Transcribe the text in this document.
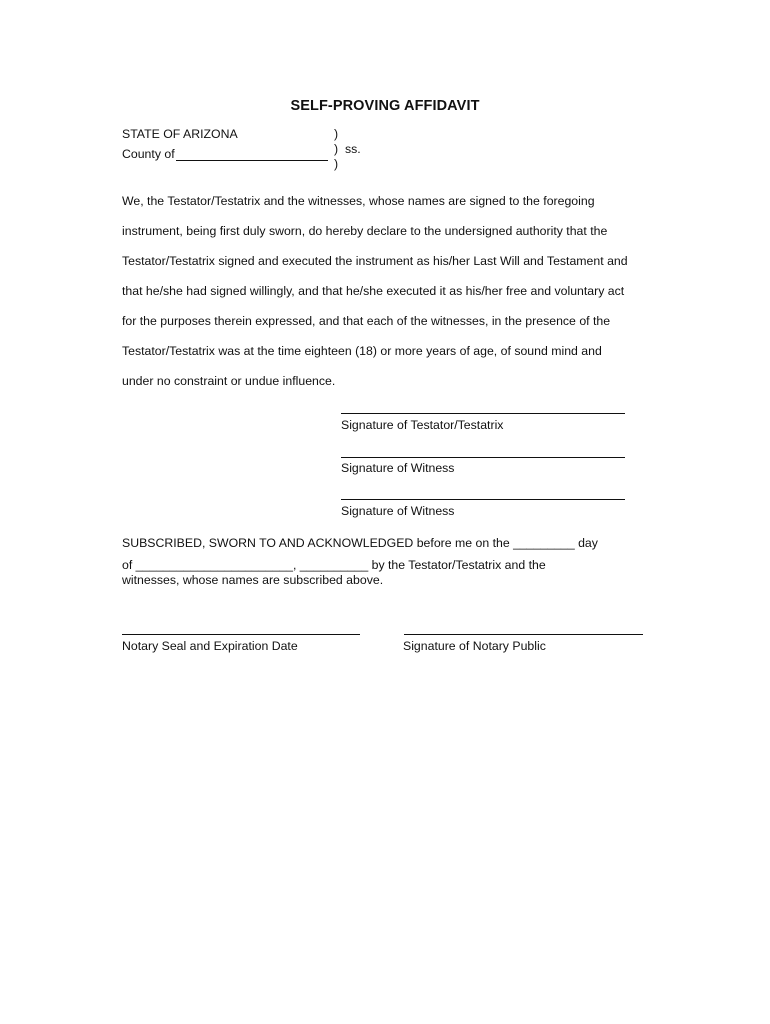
SELF-PROVING AFFIDAVIT
STATE OF ARIZONA
County of
)
) ss.
)
We, the Testator/Testatrix and the witnesses, whose names are signed to the foregoing
instrument, being first duly sworn, do hereby declare to the undersigned authority that the
Testator/Testatrix signed and executed the instrument as his/her Last Will and Testament and
that he/she had signed willingly, and that he/she executed it as his/her free and voluntary act
for the purposes therein expressed, and that each of the witnesses, in the presence of the
Testator/Testatrix was at the time eighteen (18) or more years of age, of sound mind and
under no constraint or undue influence.
Signature of Testator/Testatrix
Signature of Witness
Signature of Witness
SUBSCRIBED, SWORN TO AND ACKNOWLEDGED before me on the _________ day
of _______________________, __________ by the Testator/Testatrix and the
witnesses, whose names are subscribed above.
Notary Seal and Expiration Date	Signature of Notary Public
